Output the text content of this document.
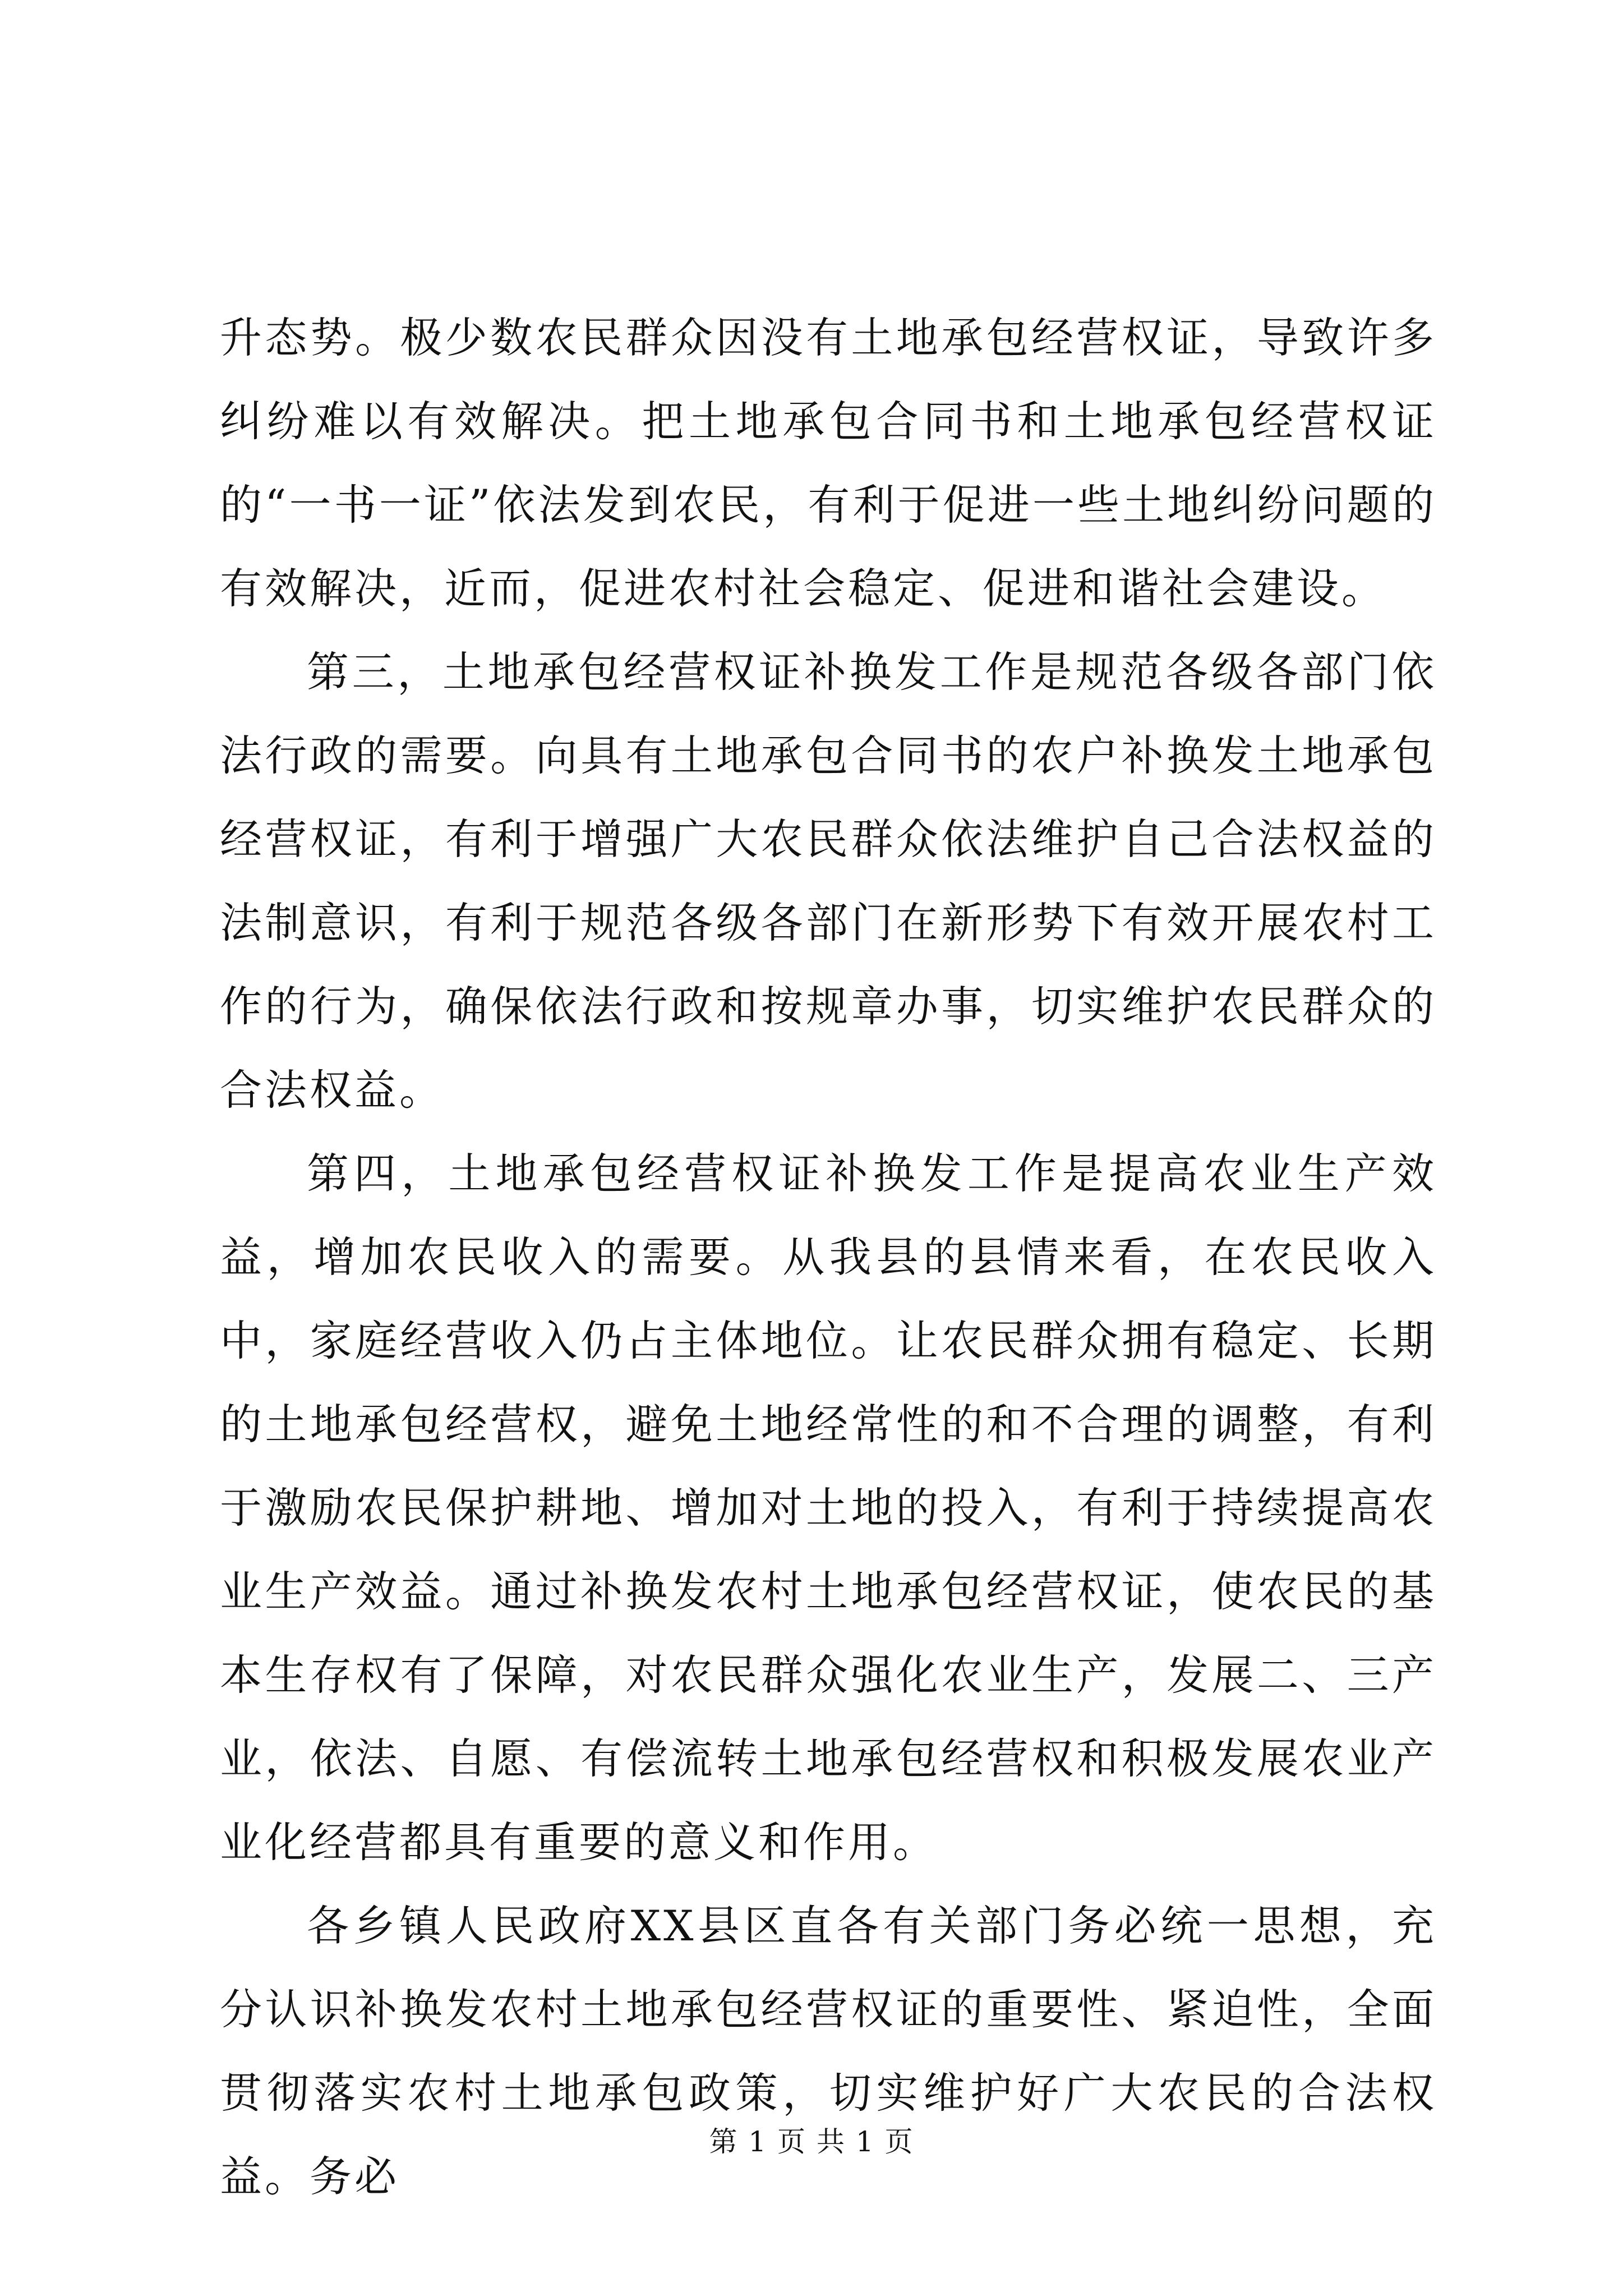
升态势。极少数农民群众因没有土地承包经营权证，导致许多纠纷难以有效解决。把土地承包合同书和土地承包经营权证的“一书一证”依法发到农民，有利于促进一些土地纠纷问题的有效解决，近而，促进农村社会稳定、促进和谐社会建设。

第三，土地承包经营权证补换发工作是规范各级各部门依法行政的需要。向具有土地承包合同书的农户补换发土地承包经营权证，有利于增强广大农民群众依法维护自己合法权益的法制意识，有利于规范各级各部门在新形势下有效开展农村工作的行为，确保依法行政和按规章办事，切实维护农民群众的合法权益。

第四，土地承包经营权证补换发工作是提高农业生产效益，增加农民收入的需要。从我县的县情来看，在农民收入中，家庭经营收入仍占主体地位。让农民群众拥有稳定、长期的土地承包经营权，避免土地经常性的和不合理的调整，有利于激励农民保护耕地、增加对土地的投入，有利于持续提高农业生产效益。通过补换发农村土地承包经营权证，使农民的基本生存权有了保障，对农民群众强化农业生产，发展二、三产业，依法、自愿、有偿流转土地承包经营权和积极发展农业产业化经营都具有重要的意义和作用。

各乡镇人民政府XX县区直各有关部门务必统一思想，充分认识补换发农村土地承包经营权证的重要性、紧迫性，全面贯彻落实农村土地承包政策，切实维护好广大农民的合法权益。务必

第 1 页 共 1 页
